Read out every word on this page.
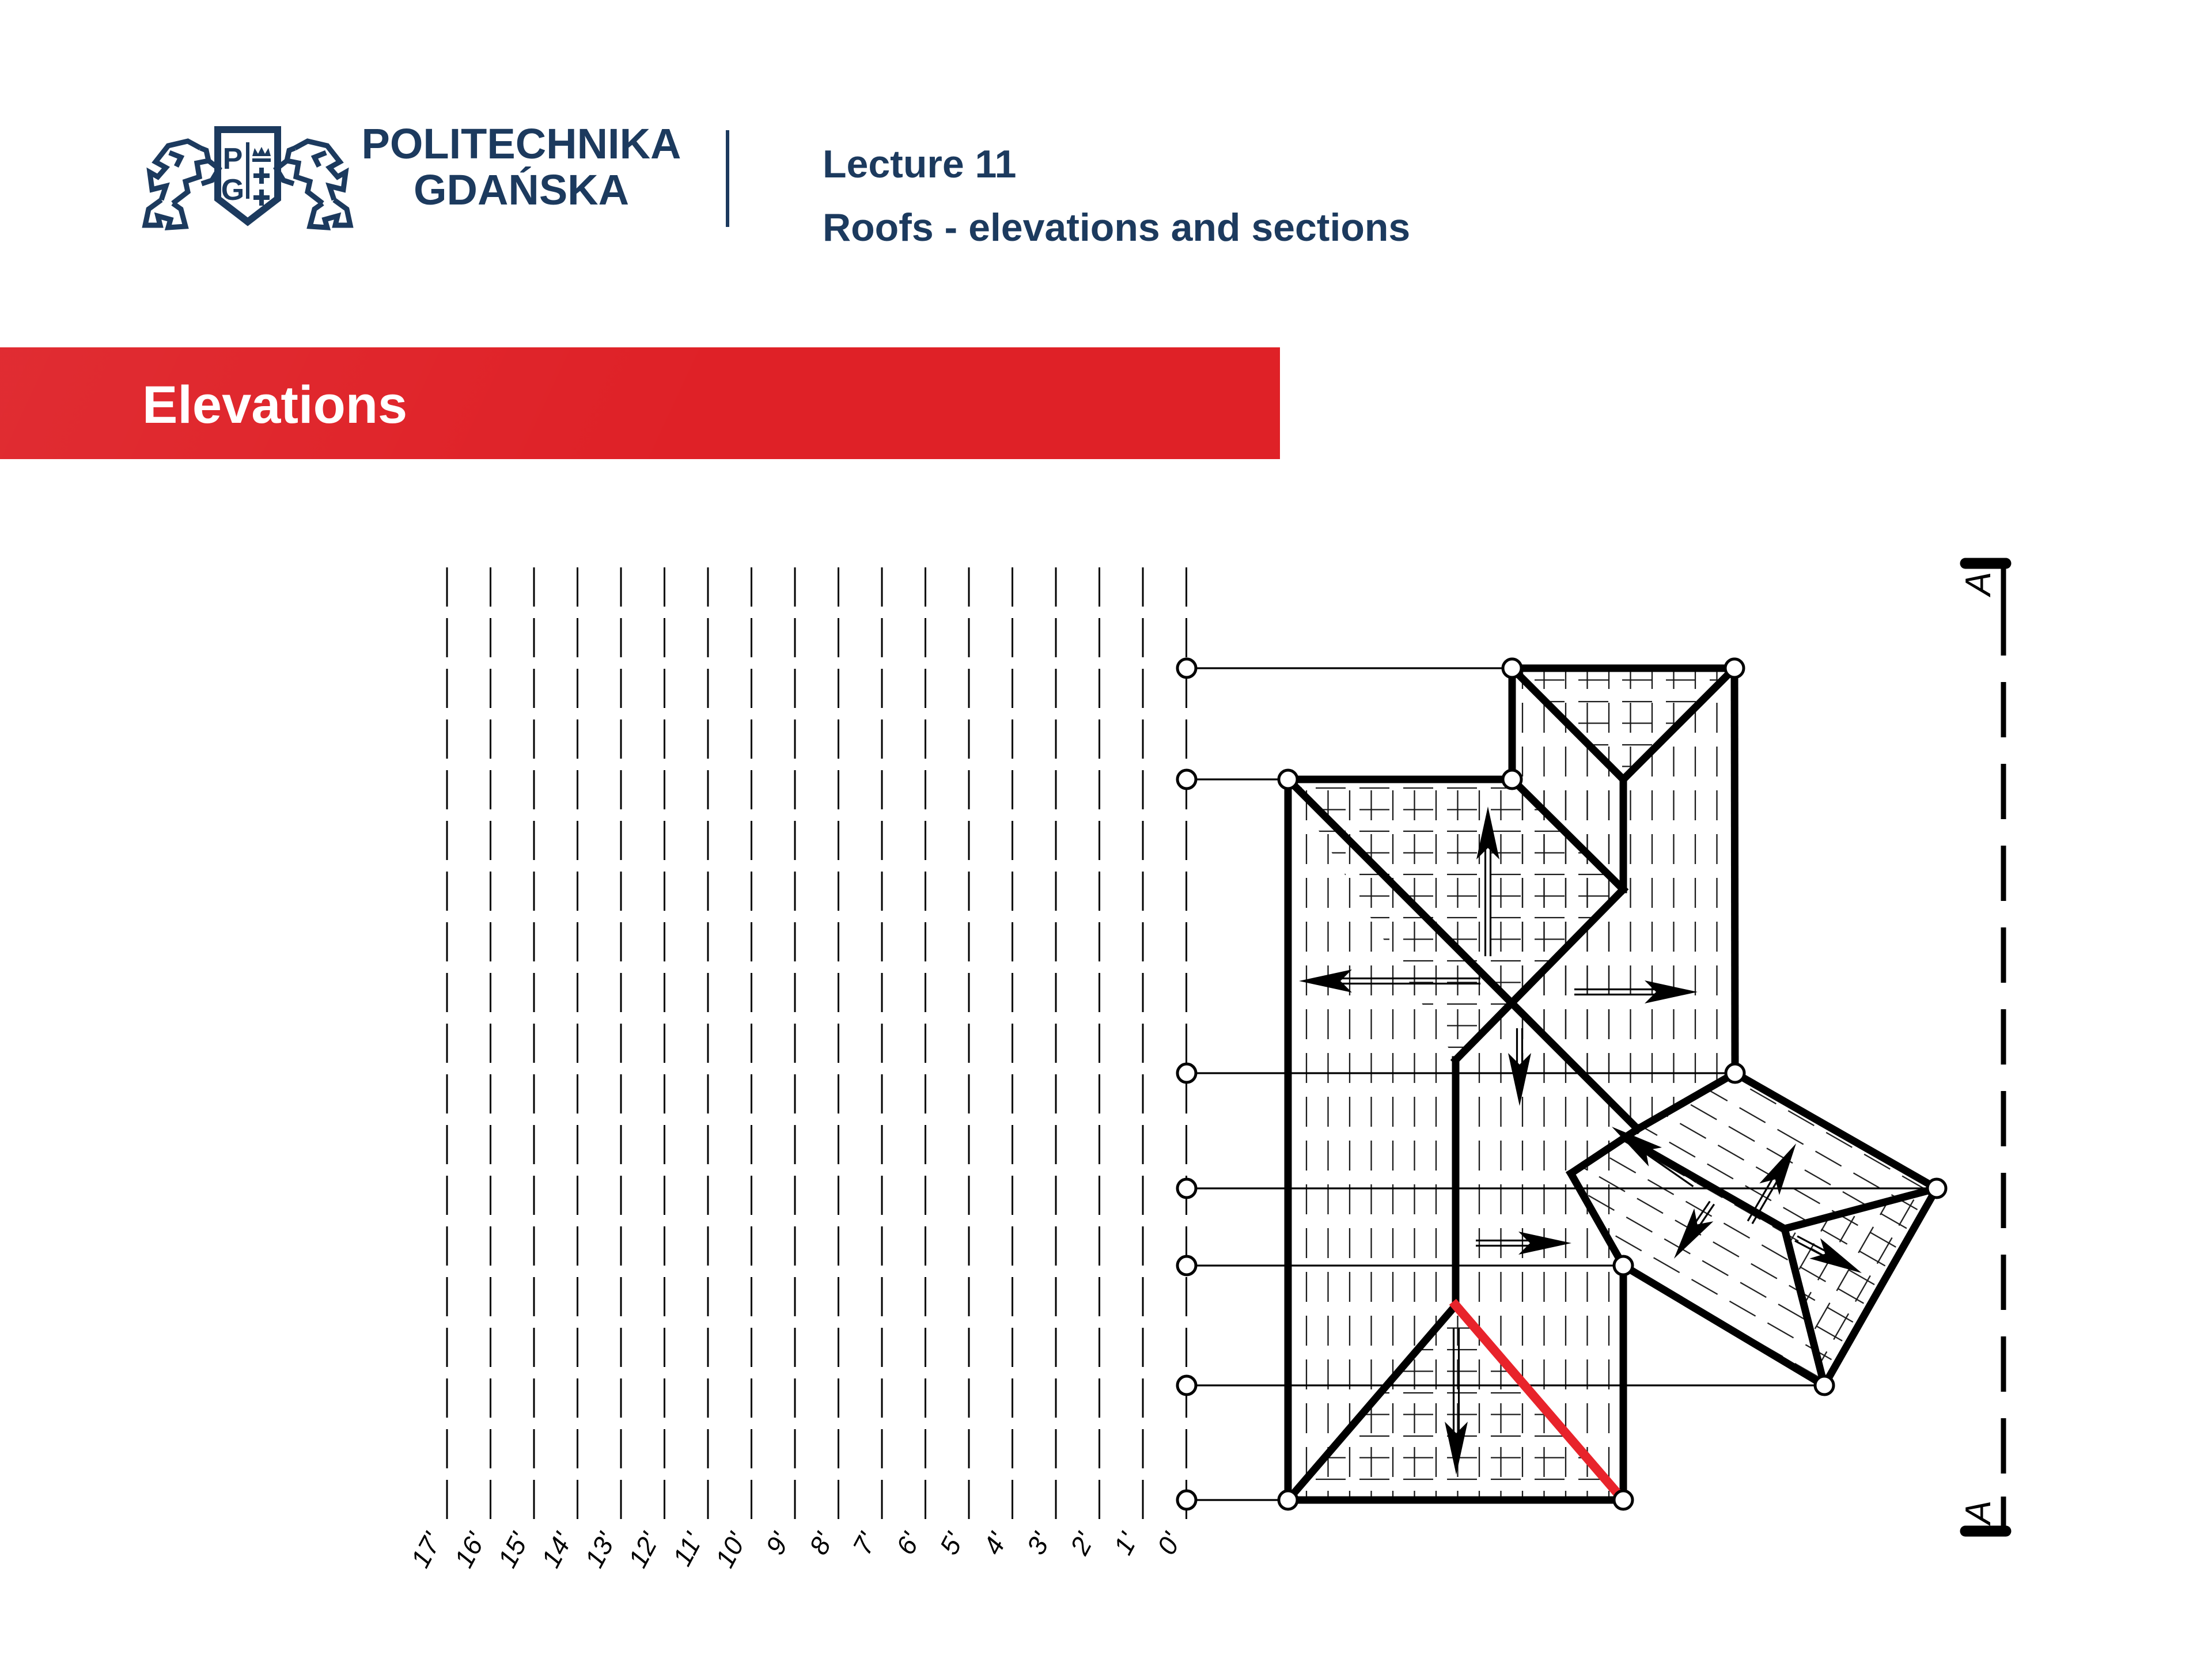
P
G
POLITECHNIKA
GDAŃSKA
Lecture 11
Roofs - elevations and sections
Elevations
17' 16' 15' 14' 13' 12' 11' 10' 9' 8' 7' 6' 5' 4' 3' 2' 1' 0'
A
A
